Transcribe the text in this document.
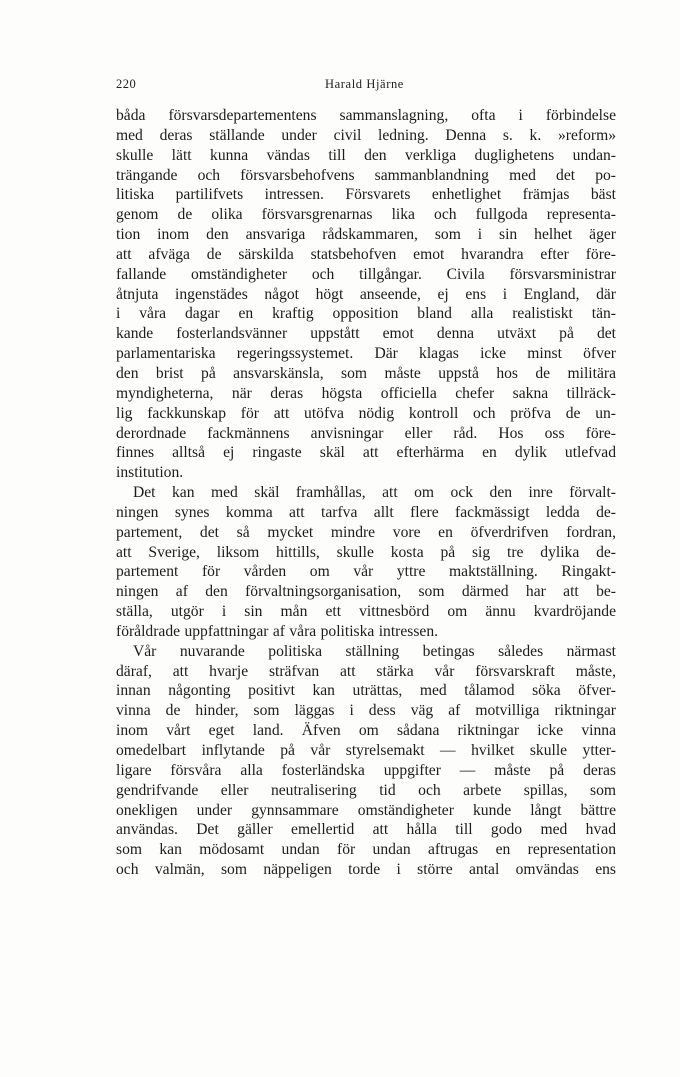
220	Harald Hjärne
båda försvarsdepartementens sammanslagning, ofta i förbindelse
med deras ställande under civil ledning. Denna s. k. »reform»
skulle lätt kunna vändas till den verkliga duglighetens undan-
trängande och försvarsbehofvens sammanblandning med det po-
litiska partilifvets intressen. Försvarets enhetlighet främjas bäst
genom de olika försvarsgrenarnas lika och fullgoda representa-
tion inom den ansvariga rådskammaren, som i sin helhet äger
att afväga de särskilda statsbehofven emot hvarandra efter före-
fallande omständigheter och tillgångar. Civila försvarsministrar
åtnjuta ingenstädes något högt anseende, ej ens i England, där
i våra dagar en kraftig opposition bland alla realistiskt tän-
kande fosterlandsvänner uppstått emot denna utväxt på det
parlamentariska regeringssystemet. Där klagas icke minst öfver
den brist på ansvarskänsla, som måste uppstå hos de militära
myndigheterna, när deras högsta officiella chefer sakna tillräck-
lig fackkunskap för att utöfva nödig kontroll och pröfva de un-
derordnade fackmännens anvisningar eller råd. Hos oss före-
finnes alltså ej ringaste skäl att efterhärma en dylik utlefvad
institution.
Det kan med skäl framhållas, att om ock den inre förvalt-
ningen synes komma att tarfva allt flere fackmässigt ledda de-
partement, det så mycket mindre vore en öfverdrifven fordran,
att Sverige, liksom hittills, skulle kosta på sig tre dylika de-
partement för vården om vår yttre maktställning. Ringakt-
ningen af den förvaltningsorganisation, som därmed har att be-
ställa, utgör i sin mån ett vittnesbörd om ännu kvardröjande
föråldrade uppfattningar af våra politiska intressen.
Vår nuvarande politiska ställning betingas således närmast
däraf, att hvarje sträfvan att stärka vår försvarskraft måste,
innan någonting positivt kan uträttas, med tålamod söka öfver-
vinna de hinder, som läggas i dess väg af motvilliga riktningar
inom vårt eget land. Äfven om sådana riktningar icke vinna
omedelbart inflytande på vår styrelsemakt — hvilket skulle ytter-
ligare försvåra alla fosterländska uppgifter — måste på deras
gendrifvande eller neutralisering tid och arbete spillas, som
onekligen under gynnsammare omständigheter kunde långt bättre
användas. Det gäller emellertid att hålla till godo med hvad
som kan mödosamt undan för undan aftrugas en representation
och valmän, som näppeligen torde i större antal omvändas ens
